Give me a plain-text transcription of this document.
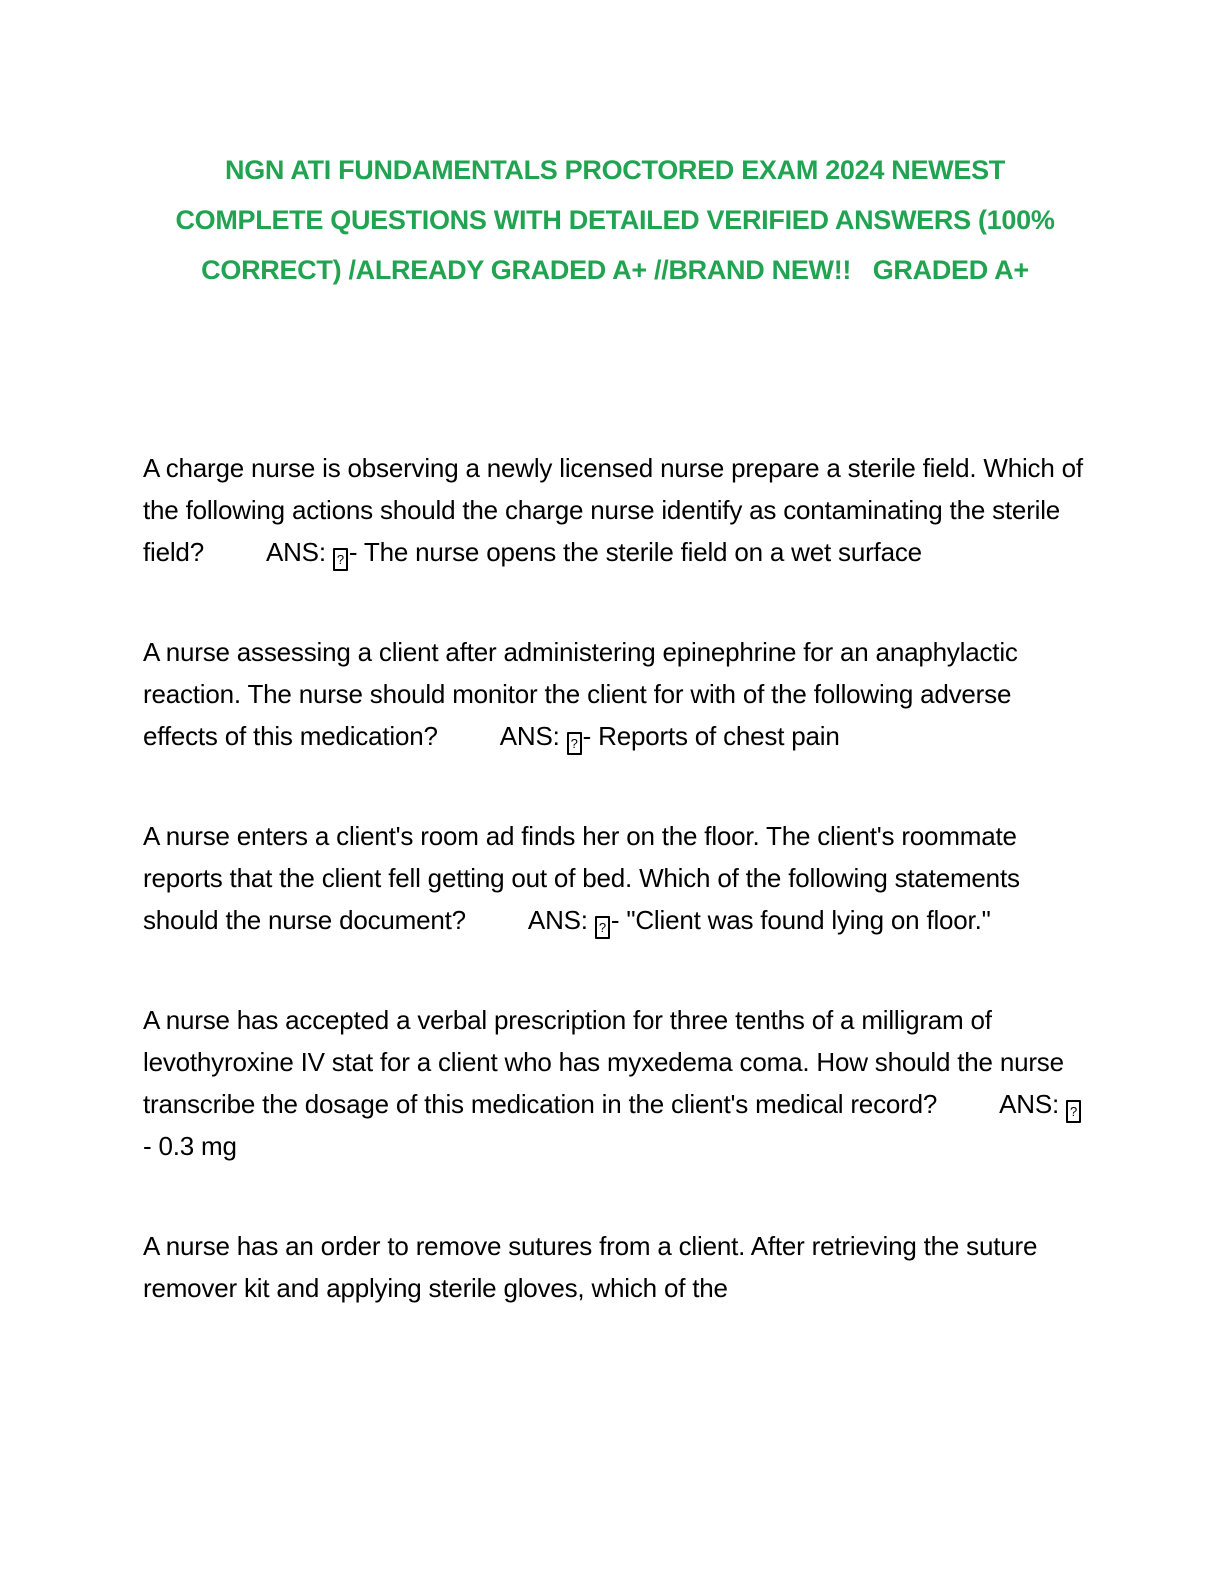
NGN ATI FUNDAMENTALS PROCTORED EXAM 2024 NEWEST
COMPLETE QUESTIONS WITH DETAILED VERIFIED ANSWERS (100%
CORRECT) /ALREADY GRADED A+ //BRAND NEW!!   GRADED A+

A charge nurse is observing a newly licensed nurse prepare a sterile field. Which of the following actions should the charge nurse identify as contaminating the sterile field? ANS: ? - The nurse opens the sterile field on a wet surface

A nurse assessing a client after administering epinephrine for an anaphylactic reaction. The nurse should monitor the client for with of the following adverse effects of this medication? ANS: ? - Reports of chest pain

A nurse enters a client's room ad finds her on the floor. The client's roommate reports that the client fell getting out of bed. Which of the following statements should the nurse document? ANS: ? - "Client was found lying on floor."

A nurse has accepted a verbal prescription for three tenths of a milligram of levothyroxine IV stat for a client who has myxedema coma. How should the nurse transcribe the dosage of this medication in the client's medical record? ANS: ?- 0.3 mg

A nurse has an order to remove sutures from a client. After retrieving the suture remover kit and applying sterile gloves, which of the
